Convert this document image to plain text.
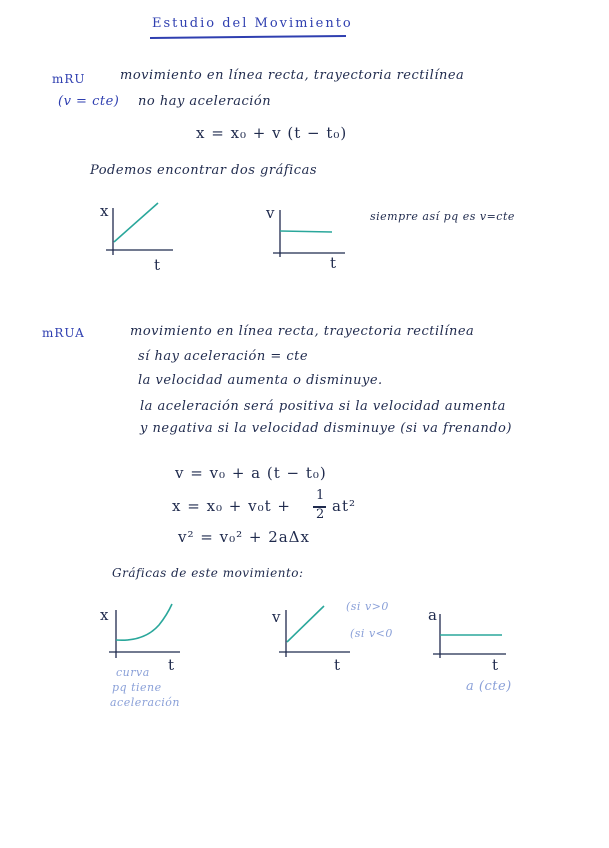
Estudio del Movimiento
mRU	movimiento en línea recta, trayectoria rectilínea
(v = cte) no hay aceleración
x = x₀ + v (t − t₀)
Podemos encontrar dos gráficas
siempre así pq es v=cte
x
t
v
t
mRUA	movimiento en línea recta, trayectoria rectilínea
sí hay aceleración = cte
la velocidad aumenta o disminuye.
la aceleración será positiva si la velocidad aumenta
y negativa si la velocidad disminuye (si va frenando)
v = v₀ + a (t − t₀)
x = x₀ + v₀t +
1
2 at²
v² = v₀² + 2aΔx
Gráficas de este movimiento:
x
t
curva
pq tiene
aceleración
v
t
(si v>0
(si v<0
a
t
a (cte)
